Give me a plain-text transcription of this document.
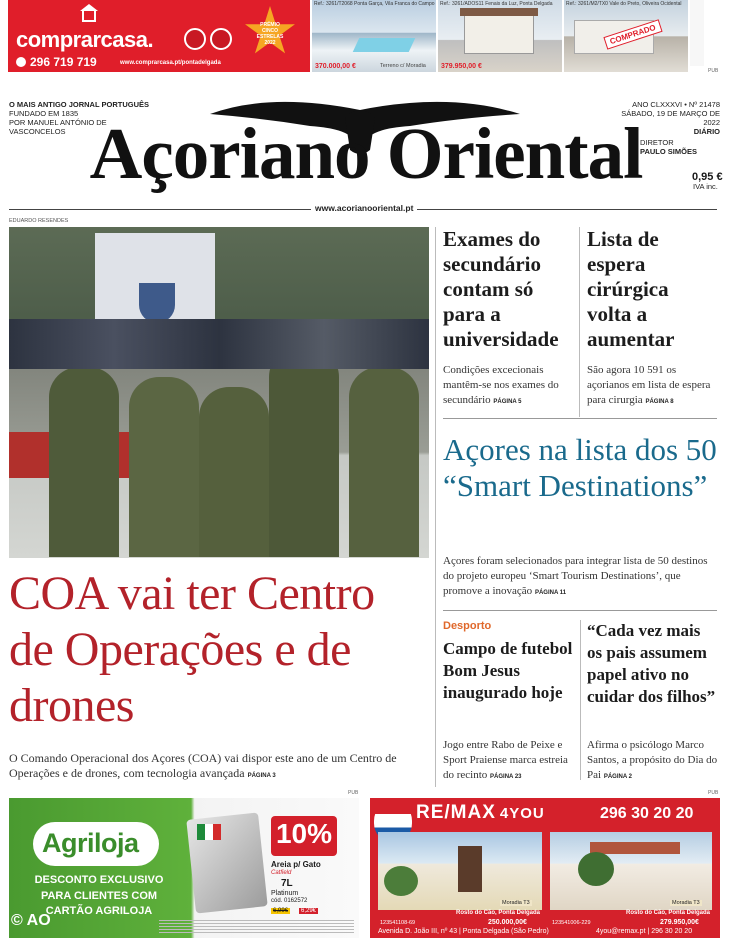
comprarcasa.
PRÉMIO CINCO ESTRELAS 2022
296 719 719	www.comprarcasa.pt/pontadelgada
Ref.: 3261/T2068 Ponta Garça, Vila Franca do Campo
370.000,00 €
Ref.: 3261/ADOS11 Fenais da Luz, Ponta Delgada
379.950,00 €
Terreno c/ Moradia
Ref.: 3261/M2/TX0 Vale do Preto, Oliveira Ocidental
COMPRADO
PUB
O MAIS ANTIGO JORNAL PORTUGUÊS
FUNDADO EM 1835
POR MANUEL ANTÓNIO DE VASCONCELOS Açoriano Oriental
ANO CLXXXVI • Nº 21478
SÁBADO, 19 DE MARÇO DE 2022
DIÁRIO
DIRETOR
PAULO SIMÕES
0,95 €
IVA inc.
www.acorianooriental.pt
EDUARDO RESENDES
COA vai ter Centro de Operações e de drones
O Comando Operacional dos Açores (COA) vai dispor este ano de um Centro de Operações e de drones, com tecnologia avançada PÁGINA 3
Exames do secundário contam só para a universidade
Condições excecionais mantêm-se nos exames do secundário PÁGINA 5
Lista de espera cirúrgica volta a aumentar
São agora 10 591 os açorianos em lista de espera para cirurgia PÁGINA 8
Açores na lista dos 50 “Smart Destinations”
Açores foram selecionados para integrar lista de 50 destinos do projeto europeu ‘Smart Tourism Destinations’, que promove a inovação PÁGINA 11
Desporto
Campo de futebol Bom Jesus inaugurado hoje
Jogo entre Rabo de Peixe e Sport Praiense marca estreia do recinto PÁGINA 23
“Cada vez mais os pais assumem papel ativo no cuidar dos filhos”
Afirma o psicólogo Marco Santos, a propósito do Dia do Pai PÁGINA 2
PUB	PUB
Agriloja
DESCONTO EXCLUSIVO
PARA CLIENTES COM
CARTÃO AGRILOJA
© AO
10%
Areia p/ Gato
Catfield
7L
Platinum
cód. 0162572
6,99€	6,29€
RE/MAX 4YOU	296 30 20 20
Moradia T3
Rosto do Cão, Ponta Delgada
123541108-69	250.000,00€
Moradia T3
Rosto do Cão, Ponta Delgada
123541006-229	279.950,00€
Avenida D. João III, nº 43 | Ponta Delgada (São Pedro)	4you@remax.pt | 296 30 20 20
